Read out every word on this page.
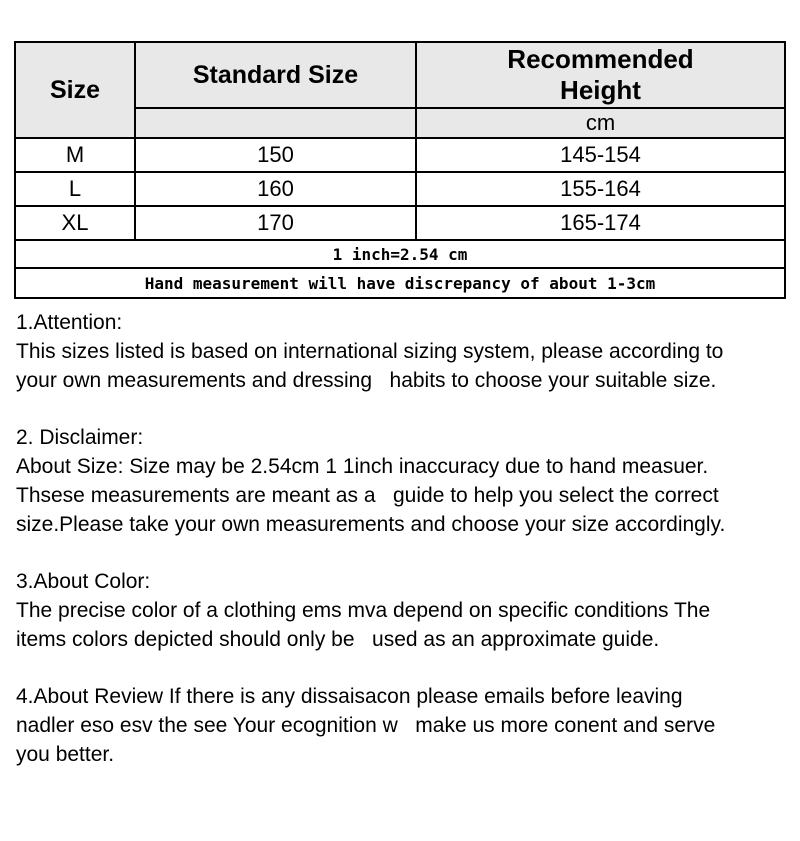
Size	Standard Size	Recommended Height

		cm
M	150	145-154
L	160	155-164
XL	170	165-174
1 inch=2.54 cm		
Hand measurement will have discrepancy of about 1-3cm		
1.Attention:
This sizes listed is based on international sizing system, please according to
your own measurements and dressing   habits to choose your suitable size.
2. Disclaimer:
About Size: Size may be 2.54cm 1 1inch inaccuracy due to hand measuer.
Thsese measurements are meant as a   guide to help you select the correct
size.Please take your own measurements and choose your size accordingly.
3.About Color:
The precise color of a clothing ems mva depend on specific conditions The
items colors depicted should only be   used as an approximate guide.
4.About Review If there is any dissaisacon please emails before leaving
nadler eso esv the see Your ecognition w   make us more conent and serve
you better.
